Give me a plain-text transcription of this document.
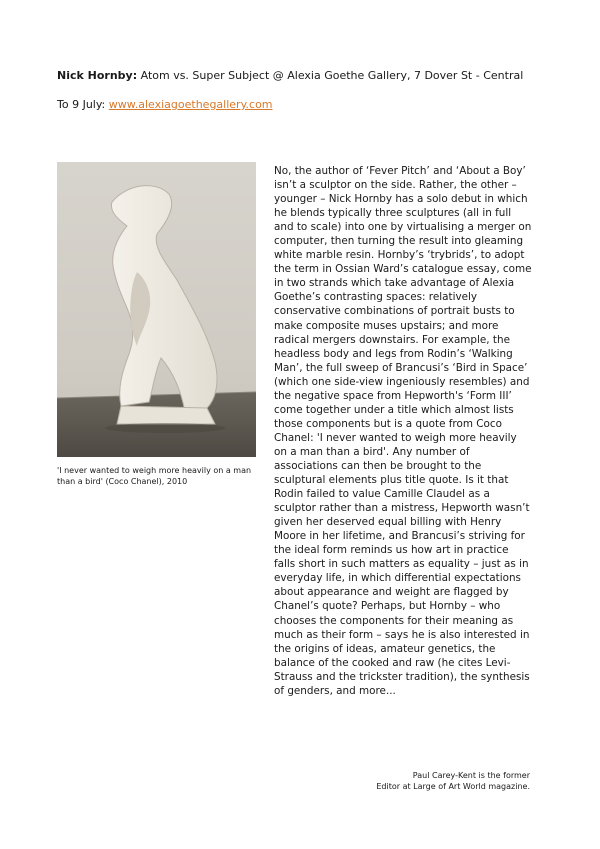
Nick Hornby: Atom vs. Super Subject @ Alexia Goethe Gallery, 7 Dover St - Central
To 9 July: www.alexiagoethegallery.com
'I never wanted to weigh more heavily on a man than a bird' (Coco Chanel), 2010
No, the author of ‘Fever Pitch’ and ‘About a Boy’ isn’t a sculptor on the side. Rather, the other – younger – Nick Hornby has a solo debut in which he blends typically three sculptures (all in full and to scale) into one by virtualising a merger on computer, then turning the result into gleaming white marble resin. Hornby’s ‘trybrids’, to adopt the term in Ossian Ward’s catalogue essay, come in two strands which take advantage of Alexia Goethe’s contrasting spaces: relatively conservative combinations of portrait busts to make composite muses upstairs; and more radical mergers downstairs. For example, the headless body and legs from Rodin’s ‘Walking Man’, the full sweep of Brancusi’s ‘Bird in Space’ (which one side-view ingeniously resembles) and the negative space from Hepworth's ‘Form III’ come together under a title which almost lists those components but is a quote from Coco Chanel: 'I never wanted to weigh more heavily on a man than a bird'. Any number of associations can then be brought to the sculptural elements plus title quote. Is it that Rodin failed to value Camille Claudel as a sculptor rather than a mistress, Hepworth wasn’t given her deserved equal billing with Henry Moore in her lifetime, and Brancusi’s striving for the ideal form reminds us how art in practice falls short in such matters as equality – just as in everyday life, in which differential expectations about appearance and weight are flagged by Chanel’s quote? Perhaps, but Hornby – who chooses the components for their meaning as much as their form – says he is also interested in the origins of ideas, amateur genetics, the balance of the cooked and raw (he cites Levi-Strauss and the trickster tradition), the synthesis of genders, and more...
Paul Carey-Kent is the former
Editor at Large of Art World magazine.
